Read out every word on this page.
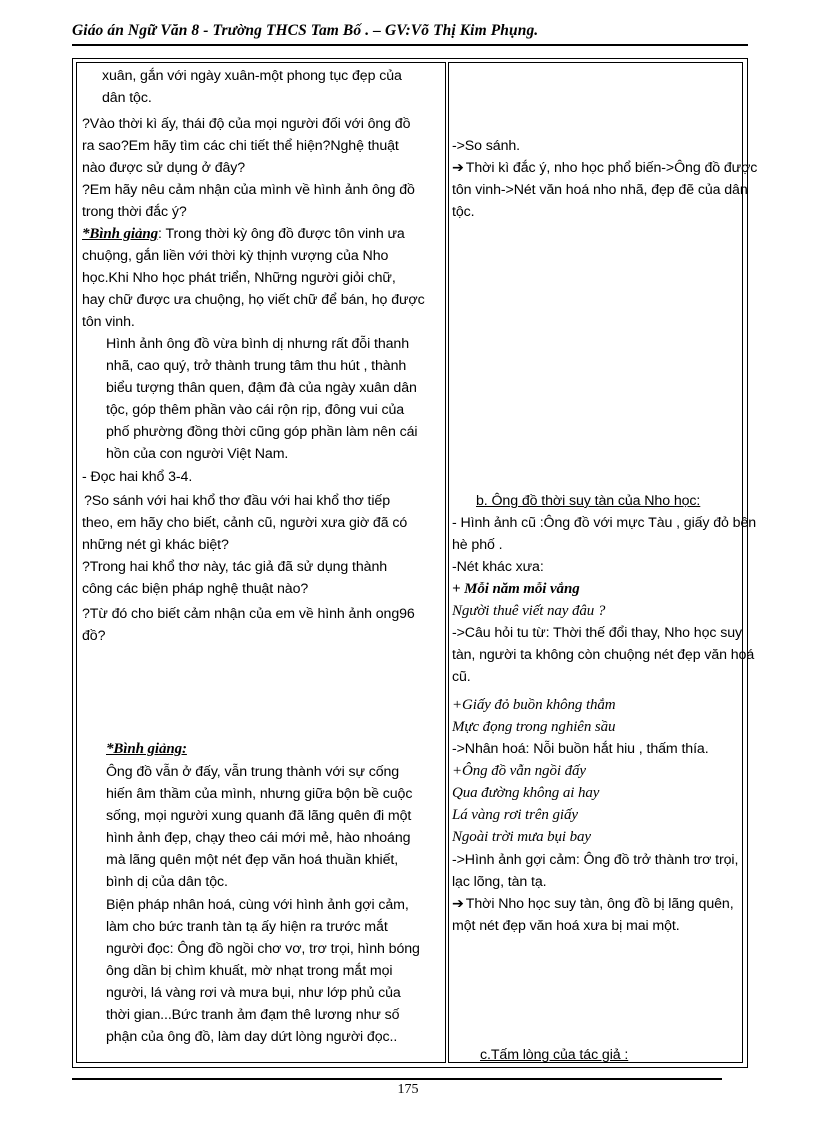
Giáo án Ngữ Văn 8 - Trường THCS Tam Bố . – GV:Võ Thị Kim Phụng.
xuân, gắn với ngày xuân-một phong tục đẹp của
dân tộc.
?Vào thời kì ấy, thái độ của mọi người đối với ông đồ
ra sao?Em hãy tìm các chi tiết thể hiện?Nghệ thuật
nào được sử dụng ở đây?
?Em hãy nêu cảm nhận của mình về hình ảnh ông đồ
trong thời đắc ý?
*Bình giảng: Trong thời kỳ ông đồ được tôn vinh ưa
chuộng, gắn liền với thời kỳ thịnh vượng của Nho
học.Khi Nho học phát triển, Những người giỏi chữ,
hay chữ được ưa chuộng, họ viết chữ để bán, họ được
tôn vinh.
Hình ảnh ông đồ vừa bình dị nhưng rất đỗi thanh
nhã, cao quý, trở thành trung tâm thu hút , thành
biểu tượng thân quen, đậm đà của ngày xuân dân
tộc, góp thêm phần vào cái rộn rịp, đông vui của
phố phường đồng thời cũng góp phần làm nên cái
hồn của con người Việt Nam.
- Đọc hai khổ 3-4.
?So sánh với hai khổ thơ đầu với hai khổ thơ tiếp
theo, em hãy cho biết, cảnh cũ, người xưa giờ đã có
những nét gì khác biệt?
?Trong hai khổ thơ này, tác giả đã sử dụng thành
công các biện pháp nghệ thuật nào?
?Từ đó cho biết cảm nhận của em về hình ảnh ong96
đồ?
*Bình giảng:
Ông đồ vẫn ở đấy, vẫn trung thành với sự cống
hiến âm thầm của mình, nhưng giữa bộn bề cuộc
sống, mọi người xung quanh đã lãng quên đi một
hình ảnh đẹp, chạy theo cái mới mẻ, hào nhoáng
mà lãng quên một nét đẹp văn hoá thuần khiết,
bình dị của dân tộc.
Biện pháp nhân hoá, cùng với hình ảnh gợi cảm,
làm cho bức tranh tàn tạ ấy hiện ra trước mắt
người đọc: Ông đồ ngồi chơ vơ, trơ trọi, hình bóng
ông dần bị chìm khuất, mờ nhạt trong mắt mọi
người, lá vàng rơi và mưa bụi, như lớp phủ của
thời gian...Bức tranh ảm đạm thê lương như số
phận của ông đồ, làm day dứt lòng người đọc..
->So sánh.
➔ Thời kì đắc ý, nho học phổ biến->Ông đồ được
tôn vinh->Nét văn hoá nho nhã, đẹp đẽ của dân
tộc.
b. Ông đồ thời suy tàn của Nho học:
- Hình ảnh cũ :Ông đồ với mực Tàu , giấy đỏ bên
hè phố .
-Nét khác xưa:
+ Mỗi năm mỗi vắng
Người thuê viết nay đâu ?
->Câu hỏi tu từ: Thời thế đổi thay, Nho học suy
tàn, người ta không còn chuộng nét đẹp văn hoá
cũ.
+Giấy đỏ buồn không thắm
Mực đọng trong nghiên sầu
->Nhân hoá: Nỗi buồn hắt hiu , thấm thía.
+Ông đồ vẫn ngồi đấy
Qua đường không ai hay
Lá vàng rơi trên giấy
Ngoài trời mưa bụi bay
->Hình ảnh gợi cảm: Ông đồ trở thành trơ trọi,
lạc lõng, tàn tạ.
➔ Thời Nho học suy tàn, ông đồ bị lãng quên,
một nét đẹp văn hoá xưa bị mai một.
c.Tấm lòng của tác giả :
175
